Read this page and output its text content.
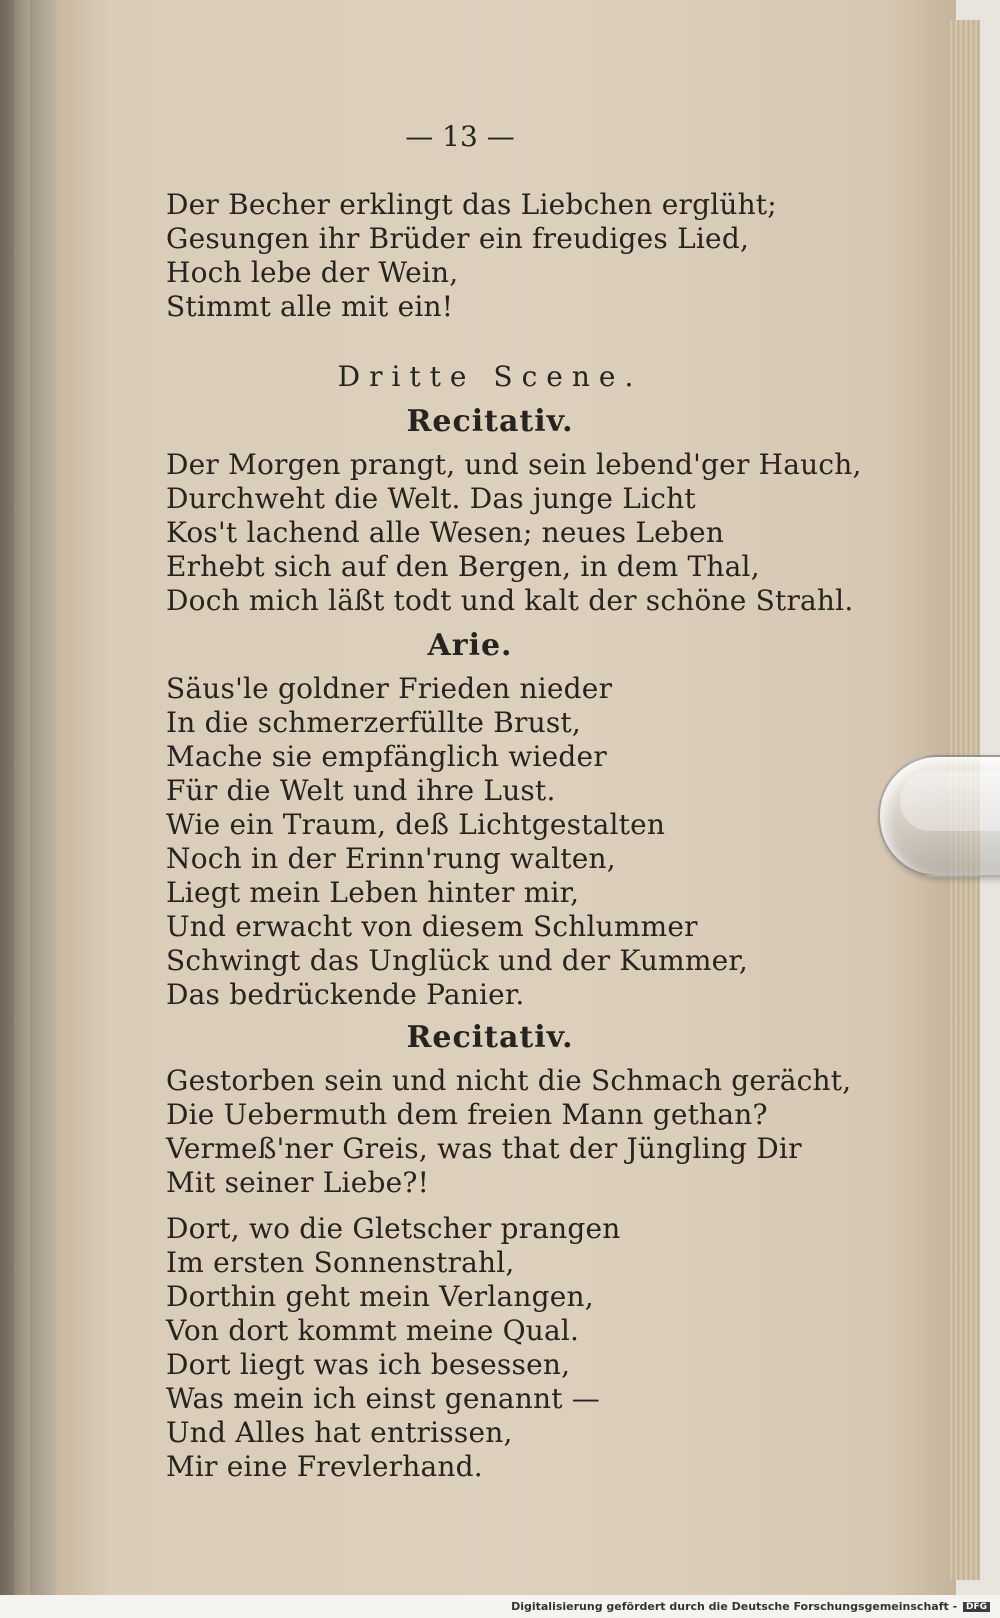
— 13 —
Der Becher erklingt das Liebchen erglüht;
Gesungen ihr Brüder ein freudiges Lied,
Hoch lebe der Wein,
Stimmt alle mit ein!
Dritte Scene.
Recitativ.
Der Morgen prangt, und sein lebend'ger Hauch,
Durchweht die Welt. Das junge Licht
Kos't lachend alle Wesen; neues Leben
Erhebt sich auf den Bergen, in dem Thal,
Doch mich läßt todt und kalt der schöne Strahl.
Arie.
Säus'le goldner Frieden nieder
In die schmerzerfüllte Brust,
Mache sie empfänglich wieder
Für die Welt und ihre Lust.
Wie ein Traum, deß Lichtgestalten
Noch in der Erinn'rung walten,
Liegt mein Leben hinter mir,
Und erwacht von diesem Schlummer
Schwingt das Unglück und der Kummer,
Das bedrückende Panier.
Recitativ.
Gestorben sein und nicht die Schmach gerächt,
Die Uebermuth dem freien Mann gethan?
Vermeß'ner Greis, was that der Jüngling Dir
Mit seiner Liebe?!
Dort, wo die Gletscher prangen
Im ersten Sonnenstrahl,
Dorthin geht mein Verlangen,
Von dort kommt meine Qual.
Dort liegt was ich besessen,
Was mein ich einst genannt —
Und Alles hat entrissen,
Mir eine Frevlerhand.
Digitalisierung gefördert durch die Deutsche Forschungsgemeinschaft - DFG
